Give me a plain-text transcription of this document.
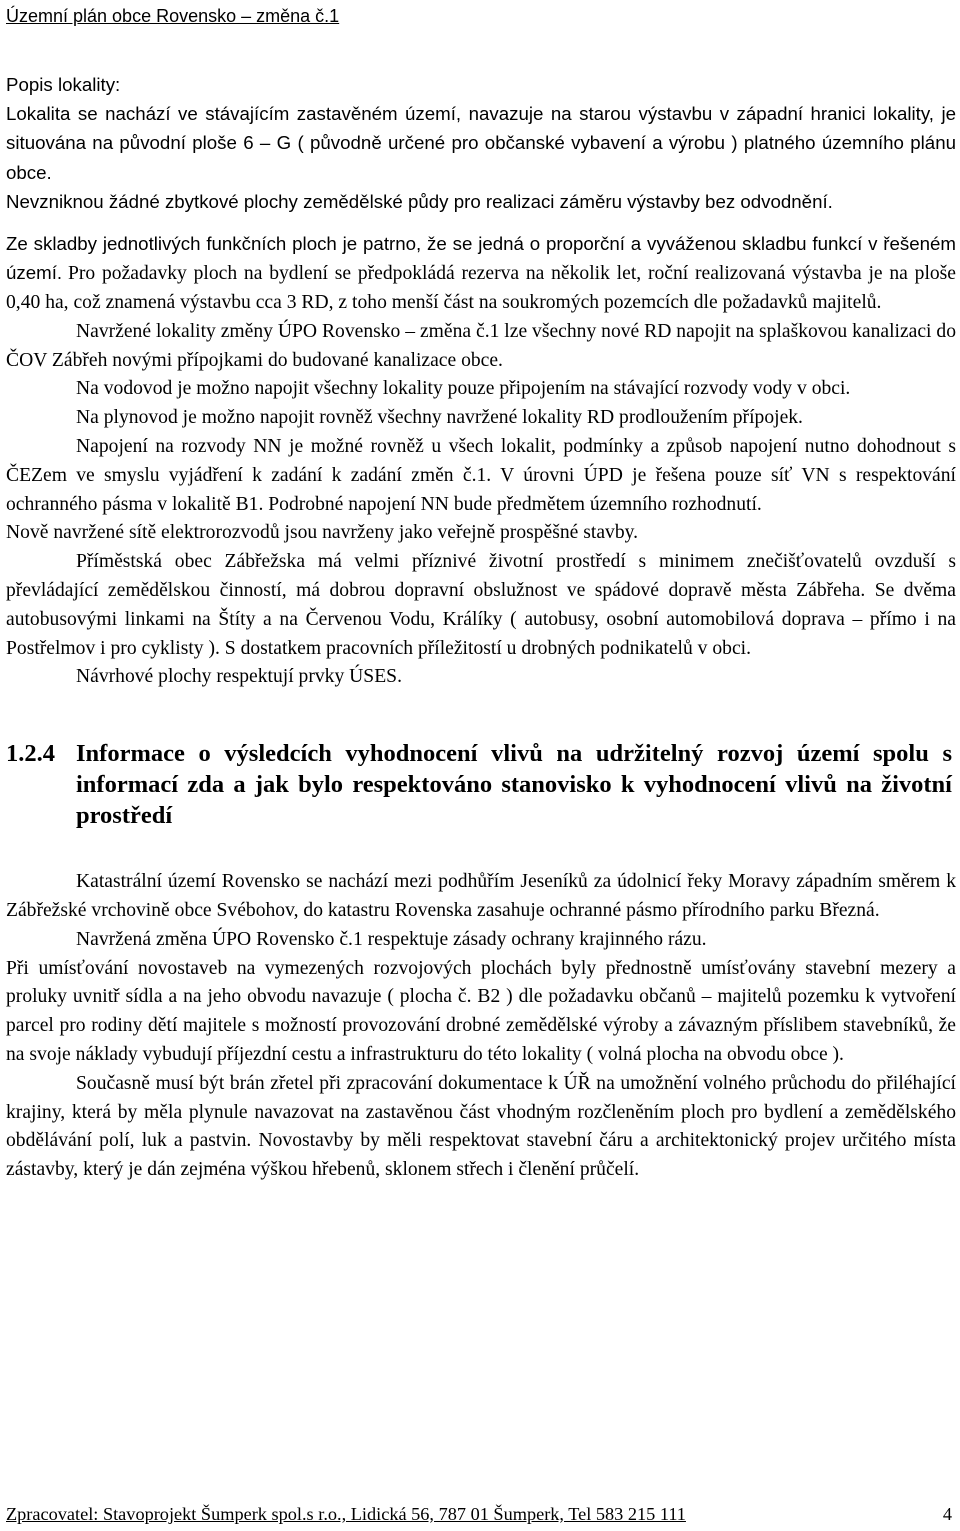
Územní plán obce Rovensko – změna č.1

Popis lokality:

Lokalita se nachází ve stávajícím zastavěném území, navazuje na starou výstavbu v západní hranici lokality, je situována na původní ploše 6 – G ( původně určené pro občanské vybavení a výrobu ) platného územního plánu obce.

Nevzniknou žádné zbytkové plochy zemědělské půdy pro realizaci záměru výstavby bez odvodnění.

Ze skladby jednotlivých funkčních ploch je patrno, že se jedná o proporční a vyváženou skladbu funkcí v řešeném území. Pro požadavky ploch na bydlení se předpokládá rezerva na několik let, roční realizovaná výstavba je na ploše 0,40 ha, což znamená výstavbu cca 3 RD, z toho menší část na soukromých pozemcích dle požadavků majitelů.

Navržené lokality změny ÚPO Rovensko – změna č.1 lze všechny nové RD napojit na splaškovou kanalizaci do ČOV Zábřeh novými přípojkami do budované kanalizace obce.

Na vodovod je možno napojit všechny lokality pouze připojením na stávající rozvody vody v obci.

Na plynovod je možno napojit rovněž všechny navržené lokality RD prodloužením přípojek.

Napojení na rozvody NN je možné rovněž u všech lokalit, podmínky a způsob napojení nutno dohodnout s ČEZem ve smyslu vyjádření k zadání k zadání změn č.1. V úrovni ÚPD je řešena pouze síť VN s respektování ochranného pásma v lokalitě B1. Podrobné napojení NN bude předmětem územního rozhodnutí.

Nově navržené sítě elektrorozvodů jsou navrženy jako veřejně prospěšné stavby.

Příměstská obec Zábřežska má velmi příznivé životní prostředí s minimem znečišťovatelů ovzduší s převládající zemědělskou činností, má dobrou dopravní obslužnost ve spádové dopravě města Zábřeha. Se dvěma autobusovými linkami na Štíty a na Červenou Vodu, Králíky ( autobusy, osobní automobilová doprava – přímo i na Postřelmov i pro cyklisty ). S dostatkem pracovních příležitostí u drobných podnikatelů v obci.

Návrhové plochy respektují prvky ÚSES.

1.2.4 Informace o výsledcích vyhodnocení vlivů na udržitelný rozvoj území spolu s informací zda a jak bylo respektováno stanovisko k vyhodnocení vlivů na životní prostředí

Katastrální území Rovensko se nachází mezi podhůřím Jeseníků za údolnicí řeky Moravy západním směrem k Zábřežské vrchovině obce Svébohov, do katastru Rovenska zasahuje ochranné pásmo přírodního parku Březná.

Navržená změna ÚPO Rovensko č.1 respektuje zásady ochrany krajinného rázu.

Při umísťování novostaveb na vymezených rozvojových plochách byly přednostně umísťovány stavební mezery a proluky uvnitř sídla a na jeho obvodu navazuje ( plocha č. B2 ) dle požadavku občanů – majitelů pozemku k vytvoření parcel pro rodiny dětí majitele s možností provozování drobné zemědělské výroby a závazným příslibem stavebníků, že na svoje náklady vybudují příjezdní cestu a infrastrukturu do této lokality ( volná plocha na obvodu obce ).

Současně musí být brán zřetel při zpracování dokumentace k ÚŘ na umožnění volného průchodu do přiléhající krajiny, která by měla plynule navazovat na zastavěnou část vhodným rozčleněním ploch pro bydlení a zemědělského obdělávání polí, luk a pastvin. Novostavby by měli respektovat stavební čáru a architektonický projev určitého místa zástavby, který je dán zejména výškou hřebenů, sklonem střech i členění průčelí.

Zpracovatel: Stavoprojekt Šumperk spol.s r.o., Lidická 56, 787 01 Šumperk, Tel 583 215 111	4
